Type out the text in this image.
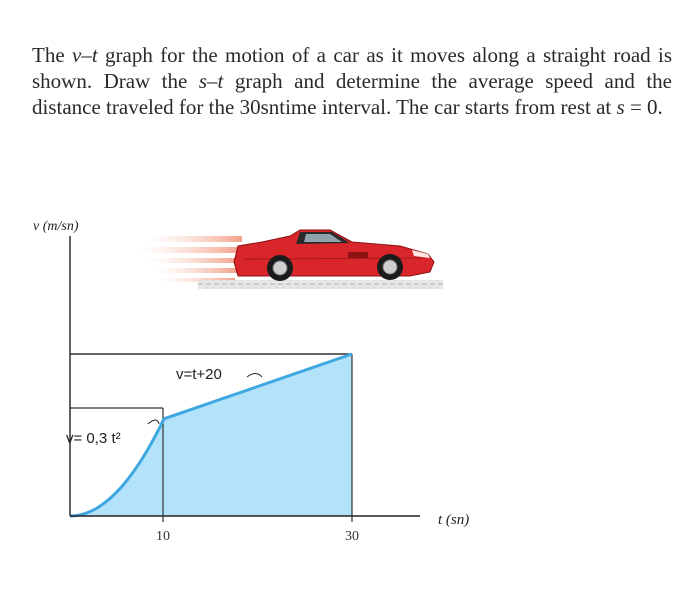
The v–t graph for the motion of a car as it moves along a straight road is shown. Draw the s–t graph and determine the average speed and the distance traveled for the 30sntime interval. The car starts from rest at s = 0.
v (m/sn)
t (sn)
10	30
v= 0,3 t²
v=t+20
